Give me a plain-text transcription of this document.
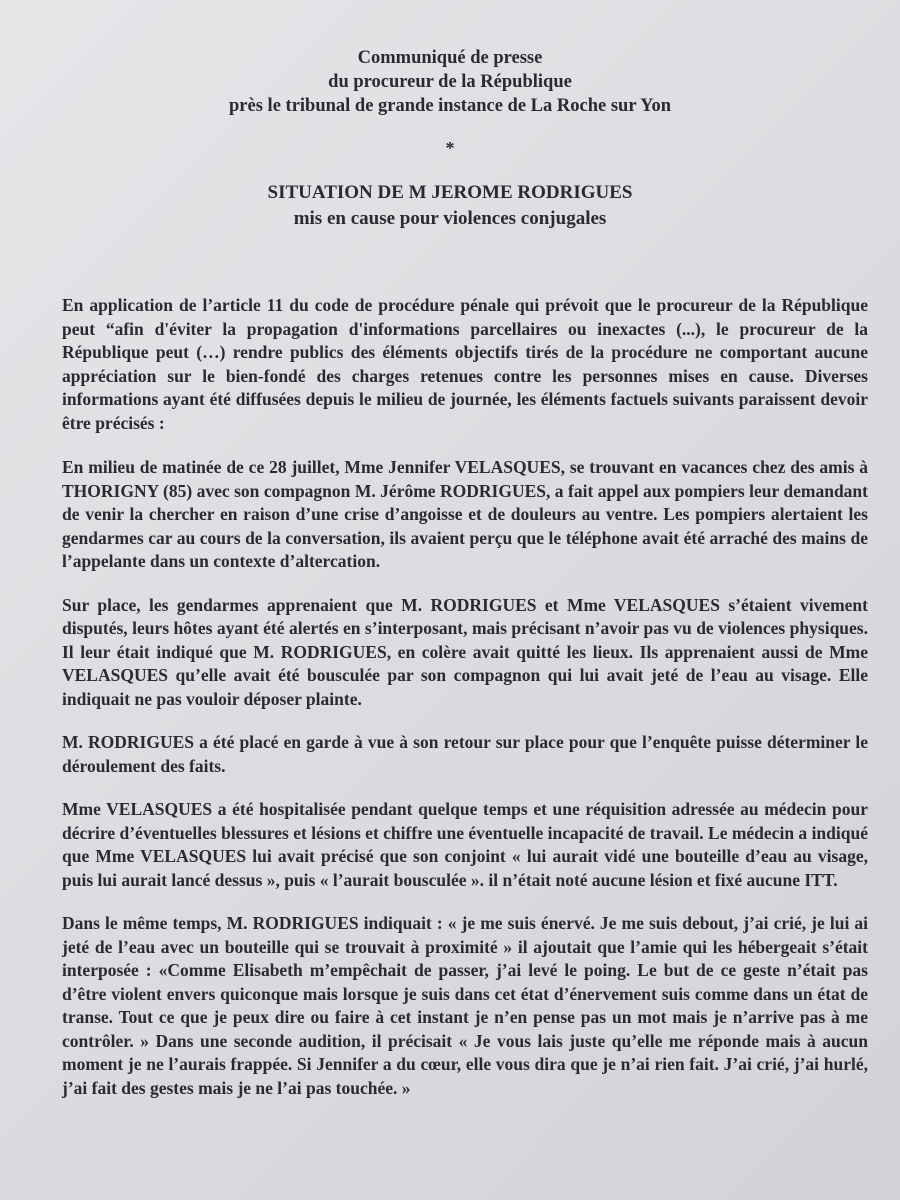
Communiqué de presse
du procureur de la République
près le tribunal de grande instance de La Roche sur Yon
*
SITUATION DE M JEROME RODRIGUES
mis en cause pour violences conjugales

En application de l’article 11 du code de procédure pénale qui prévoit que le procureur de la République peut “afin d'éviter la propagation d'informations parcellaires ou inexactes (...), le procureur de la République peut (…) rendre publics des éléments objectifs tirés de la procédure ne comportant aucune appréciation sur le bien-fondé des charges retenues contre les personnes mises en cause. Diverses informations ayant été diffusées depuis le milieu de journée, les éléments factuels suivants paraissent devoir être précisés :

En milieu de matinée de ce 28 juillet, Mme Jennifer VELASQUES, se trouvant en vacances chez des amis à THORIGNY (85) avec son compagnon M. Jérôme RODRIGUES, a fait appel aux pompiers leur demandant de venir la chercher en raison d’une crise d’angoisse et de douleurs au ventre. Les pompiers alertaient les gendarmes car au cours de la conversation, ils avaient perçu que le téléphone avait été arraché des mains de l’appelante dans un contexte d’altercation.

Sur place, les gendarmes apprenaient que M. RODRIGUES et Mme VELASQUES s’étaient vivement disputés, leurs hôtes ayant été alertés en s’interposant, mais précisant n’avoir pas vu de violences physiques. Il leur était indiqué que M. RODRIGUES, en colère avait quitté les lieux. Ils apprenaient aussi de Mme VELASQUES qu’elle avait été bousculée par son compagnon qui lui avait jeté de l’eau au visage. Elle indiquait ne pas vouloir déposer plainte.

M. RODRIGUES a été placé en garde à vue à son retour sur place pour que l’enquête puisse déterminer le déroulement des faits.

Mme VELASQUES a été hospitalisée pendant quelque temps et une réquisition adressée au médecin pour décrire d’éventuelles blessures et lésions et chiffre une éventuelle incapacité de travail. Le médecin a indiqué que Mme VELASQUES lui avait précisé que son conjoint « lui aurait vidé une bouteille d’eau au visage, puis lui aurait lancé dessus », puis « l’aurait bousculée ». il n’était noté aucune lésion et fixé aucune ITT.

Dans le même temps, M. RODRIGUES indiquait : « je me suis énervé. Je me suis debout, j’ai crié, je lui ai jeté de l’eau avec un bouteille qui se trouvait à proximité » il ajoutait que l’amie qui les hébergeait s’était interposée : «Comme Elisabeth m’empêchait de passer, j’ai levé le poing. Le but de ce geste n’était pas d’être violent envers quiconque mais lorsque je suis dans cet état d’énervement suis comme dans un état de transe. Tout ce que je peux dire ou faire à cet instant je n’en pense pas un mot mais je n’arrive pas à me contrôler. » Dans une seconde audition, il précisait « Je vous lais juste qu’elle me réponde mais à aucun moment je ne l’aurais frappée. Si Jennifer a du cœur, elle vous dira que je n’ai rien fait. J’ai crié, j’ai hurlé, j’ai fait des gestes mais je ne l’ai pas touchée. »
